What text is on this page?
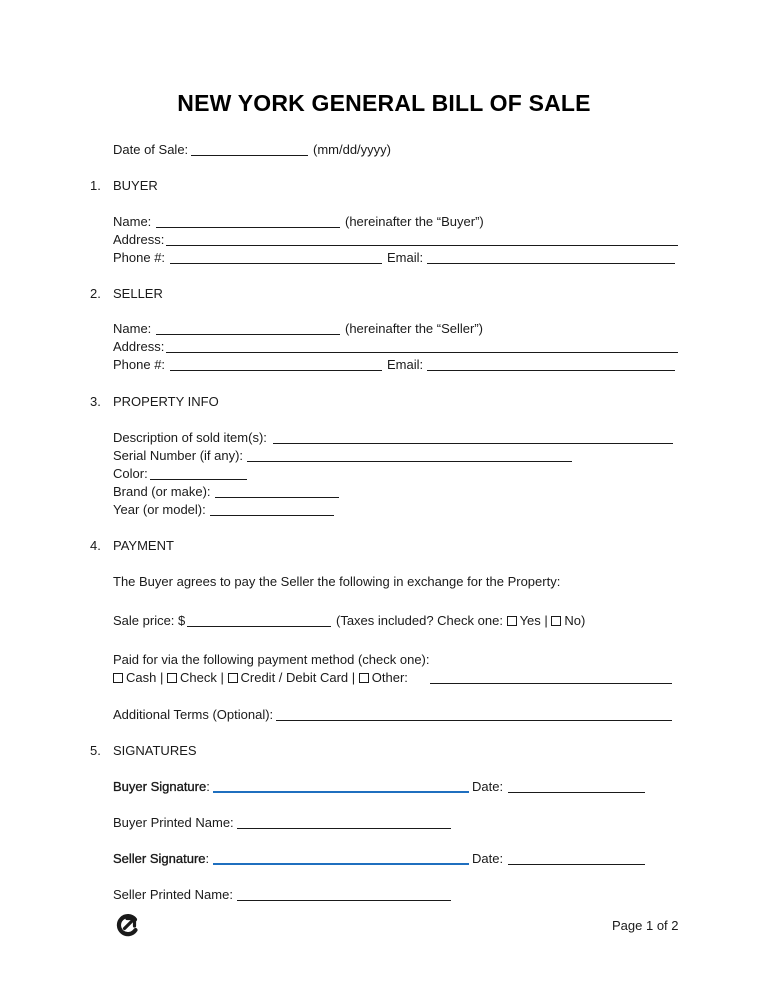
NEW YORK GENERAL BILL OF SALE
Date of Sale:	(mm/dd/yyyy)
1. BUYER
Name:	(hereinafter the “Buyer”)
Address:
Phone #:	Email:
2. SELLER
Name:	(hereinafter the “Seller”)
Address:
Phone #:	Email:
3. PROPERTY INFO
Description of sold item(s):
Serial Number (if any):
Color:
Brand (or make):
Year (or model):
4. PAYMENT
The Buyer agrees to pay the Seller the following in exchange for the Property:
Sale price: $	(Taxes included? Check one: Yes | No)
Paid for via the following payment method (check one):
Cash | Check | Credit / Debit Card | Other:
Additional Terms (Optional):
5. SIGNATURES
Buyer Signature:	Date:
Buyer Printed Name:
Seller Signature:	Date:
Seller Printed Name:
Page 1 of 2
